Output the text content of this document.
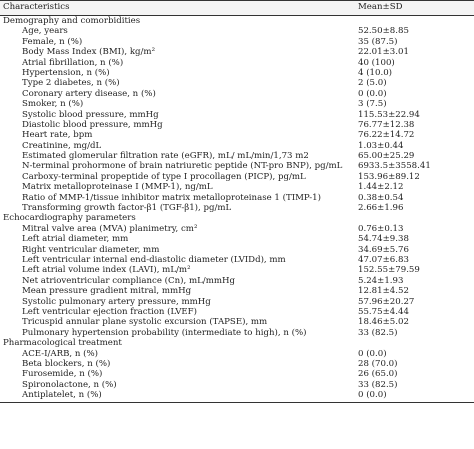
Characteristics	Mean±SD
Demography and comorbidities
Age, years	52.50±8.85
Female, n (%)	35 (87.5)
Body Mass Index (BMI), kg/m²	22.01±3.01
Atrial fibrillation, n (%)	40 (100)
Hypertension, n (%)	4 (10.0)
Type 2 diabetes, n (%)	2 (5.0)
Coronary artery disease, n (%)	0 (0.0)
Smoker, n (%)	3 (7.5)
Systolic blood pressure, mmHg	115.53±22.94
Diastolic blood pressure, mmHg	76.77±12.38
Heart rate, bpm	76.22±14.72
Creatinine, mg/dL	1.03±0.44
Estimated glomerular filtration rate (eGFR), mL/ mL/min/1,73 m2	65.00±25.29
N-terminal prohormone of brain natriuretic peptide (NT-pro BNP), pg/mL 6933.5±3558.41
Carboxy-terminal propeptide of type I procollagen (PICP), pg/mL	153.96±89.12
Matrix metalloproteinase I (MMP-1), ng/mL	1.44±2.12
Ratio of MMP-1/tissue inhibitor matrix metalloproteinase 1 (TIMP-1)	0.38±0.54
Transforming growth factor-β1 (TGF-β1), pg/mL	2.66±1.96
Echocardiography parameters
Mitral valve area (MVA) planimetry, cm²	0.76±0.13
Left atrial diameter, mm	54.74±9.38
Right ventricular diameter, mm	34.69±5.76
Left ventricular internal end-diastolic diameter (LVIDd), mm	47.07±6.83
Left atrial volume index (LAVI), mL/m²	152.55±79.59
Net atrioventricular compliance (Cn), mL/mmHg	5.24±1.93
Mean pressure gradient mitral, mmHg	12.81±4.52
Systolic pulmonary artery pressure, mmHg	57.96±20.27
Left ventricular ejection fraction (LVEF)	55.75±4.44
Tricuspid annular plane systolic excursion (TAPSE), mm	18.46±5.02
Pulmonary hypertension probability (intermediate to high), n (%)	33 (82.5)
Pharmacological treatment
ACE-I/ARB, n (%)	0 (0.0)
Beta blockers, n (%)	28 (70.0)
Furosemide, n (%)	26 (65.0)
Spironolactone, n (%)	33 (82.5)
Antiplatelet, n (%)	0 (0.0)
